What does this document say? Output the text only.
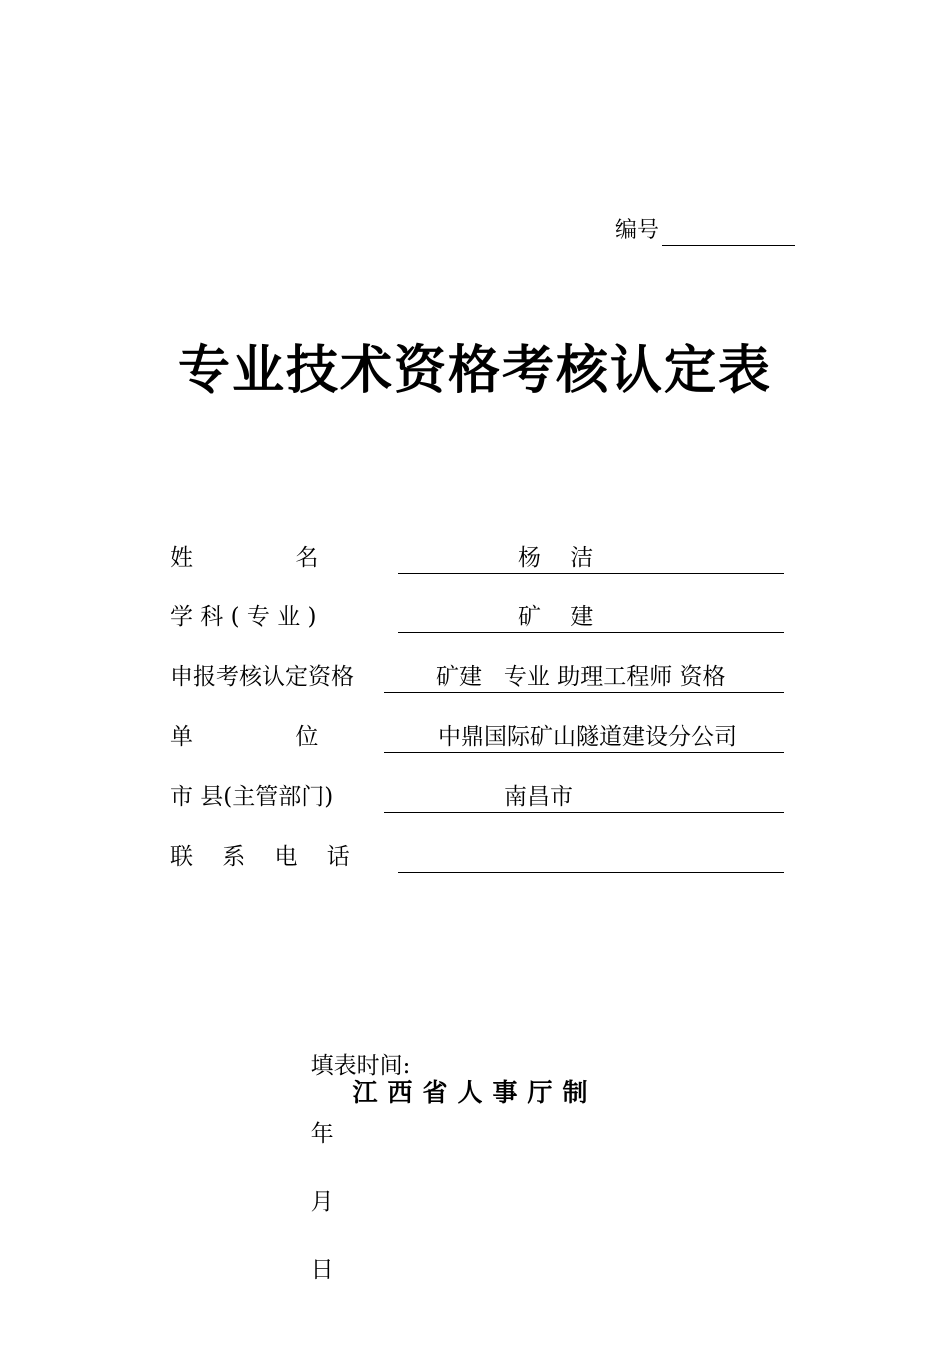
编号
专业技术资格考核认定表
姓              名

	杨    洁

学 科 ( 专 业 )

	矿    建

申报考核认定资格

	矿建   专业 助理工程师 资格

单              位

	中鼎国际矿山隧道建设分公司

市 县(主管部门)

	南昌市

联    系    电    话

填表时间:

年

月

日

江西省人事厅制
